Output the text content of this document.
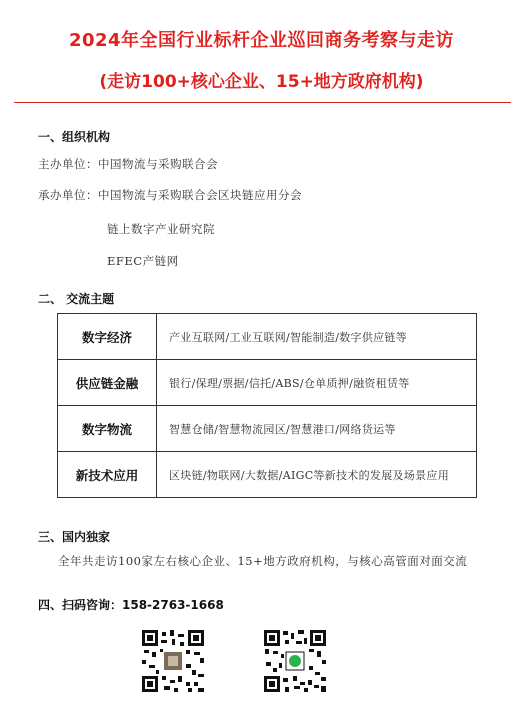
2024年全国行业标杆企业巡回商务考察与走访
(走访100+核心企业、15+地方政府机构)
一、组织机构
主办单位：中国物流与采购联合会
承办单位：中国物流与采购联合会区块链应用分会
链上数字产业研究院
EFEC产链网
二、 交流主题
数字经济	产业互联网/工业互联网/智能制造/数字供应链等
供应链金融	银行/保理/票据/信托/ABS/仓单质押/融资租赁等
数字物流	智慧仓储/智慧物流园区/智慧港口/网络货运等
新技术应用	区块链/物联网/大数据/AIGC等新技术的发展及场景应用
三、国内独家
全年共走访100家左右核心企业、15+地方政府机构，与核心高管面对面交流
四、扫码咨询：158-2763-1668
